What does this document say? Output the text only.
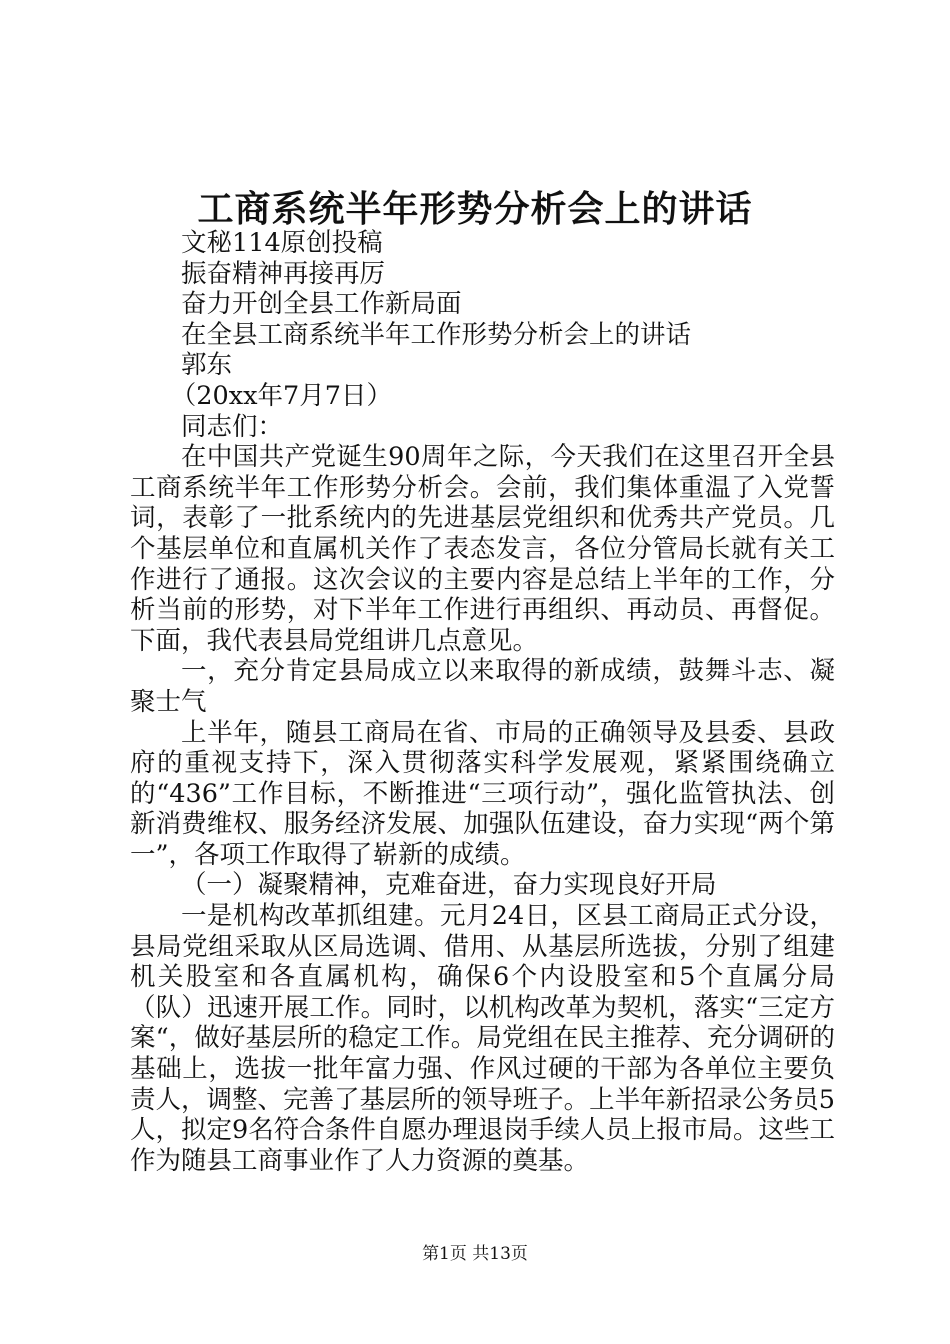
工商系统半年形势分析会上的讲话

文秘114原创投稿

振奋精神再接再厉

奋力开创全县工作新局面

在全县工商系统半年工作形势分析会上的讲话

郭东

（20xx年7月7日）

同志们：

在中国共产党诞生90周年之际，今天我们在这里召开全县工商系统半年工作形势分析会。会前，我们集体重温了入党誓词，表彰了一批系统内的先进基层党组织和优秀共产党员。几个基层单位和直属机关作了表态发言，各位分管局长就有关工作进行了通报。这次会议的主要内容是总结上半年的工作，分析当前的形势，对下半年工作进行再组织、再动员、再督促。下面，我代表县局党组讲几点意见。

一，充分肯定县局成立以来取得的新成绩，鼓舞斗志、凝聚士气

上半年，随县工商局在省、市局的正确领导及县委、县政府的重视支持下，深入贯彻落实科学发展观，紧紧围绕确立的“436”工作目标，不断推进“三项行动”，强化监管执法、创新消费维权、服务经济发展、加强队伍建设，奋力实现“两个第一”，各项工作取得了崭新的成绩。

（一）凝聚精神，克难奋进，奋力实现良好开局

一是机构改革抓组建。元月24日，区县工商局正式分设，县局党组采取从区局选调、借用、从基层所选拔，分别了组建机关股室和各直属机构，确保6个内设股室和5个直属分局（队）迅速开展工作。同时，以机构改革为契机，落实“三定方案“，做好基层所的稳定工作。局党组在民主推荐、充分调研的基础上，选拔一批年富力强、作风过硬的干部为各单位主要负责人，调整、完善了基层所的领导班子。上半年新招录公务员5人，拟定9名符合条件自愿办理退岗手续人员上报市局。这些工作为随县工商事业作了人力资源的奠基。

第1页 共13页
